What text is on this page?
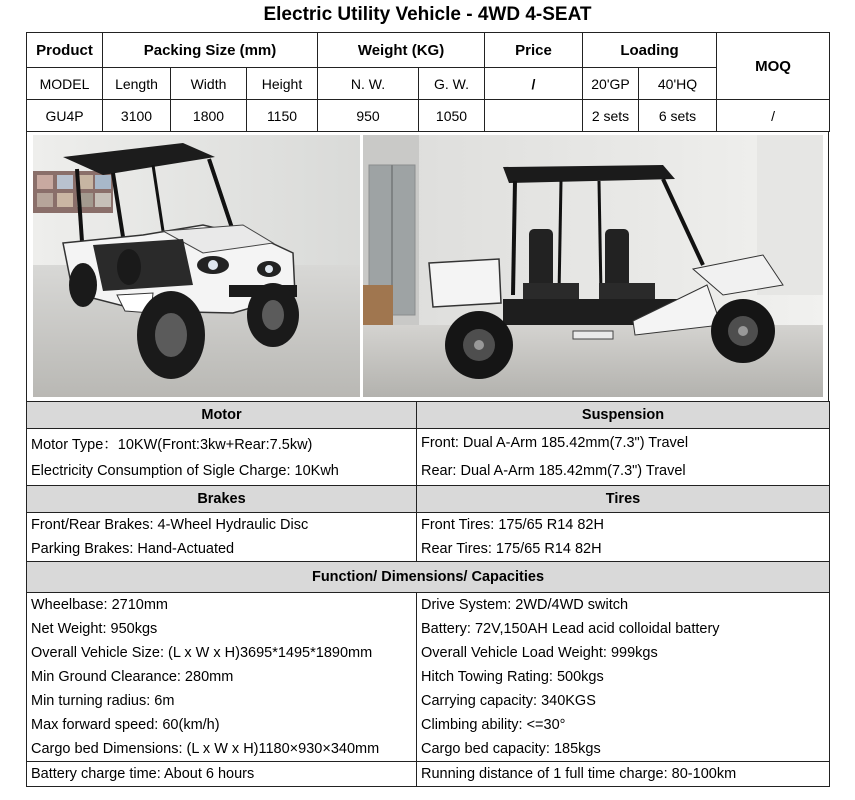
Electric Utility Vehicle - 4WD 4-SEAT
Product	Packing Size (mm)			Weight (KG)		Price	Loading		MOQ
MODEL	Length	Width	Height	N. W.	G. W.	/	20'GP	40'HQ	
GU4P	3100	1800	1150	950	1050		2 sets	6 sets	/
Motor	Suspension
Motor Type：10KW(Front:3kw+Rear:7.5kw)	Front: Dual A-Arm 185.42mm(7.3") Travel
Electricity Consumption of Sigle Charge: 10Kwh	Rear: Dual A-Arm 185.42mm(7.3") Travel
Brakes	Tires
Front/Rear Brakes: 4-Wheel Hydraulic Disc	Front Tires: 175/65 R14 82H
Parking Brakes: Hand-Actuated	Rear Tires: 175/65 R14 82H
Function/ Dimensions/ Capacities	
Wheelbase: 2710mm	Drive System: 2WD/4WD switch
Net Weight: 950kgs	Battery: 72V,150AH Lead acid colloidal battery
Overall Vehicle Size: (L x W x H)3695*1495*1890mm	Overall Vehicle Load Weight: 999kgs
Min Ground Clearance: 280mm	Hitch Towing Rating: 500kgs
Min turning radius: 6m	Carrying capacity: 340KGS
Max forward speed: 60(km/h)	Climbing ability: <=30°
Cargo bed Dimensions: (L x W x H)1180×930×340mm	Cargo bed capacity: 185kgs
Battery charge time: About 6 hours	Running distance of 1 full time charge: 80-100km
